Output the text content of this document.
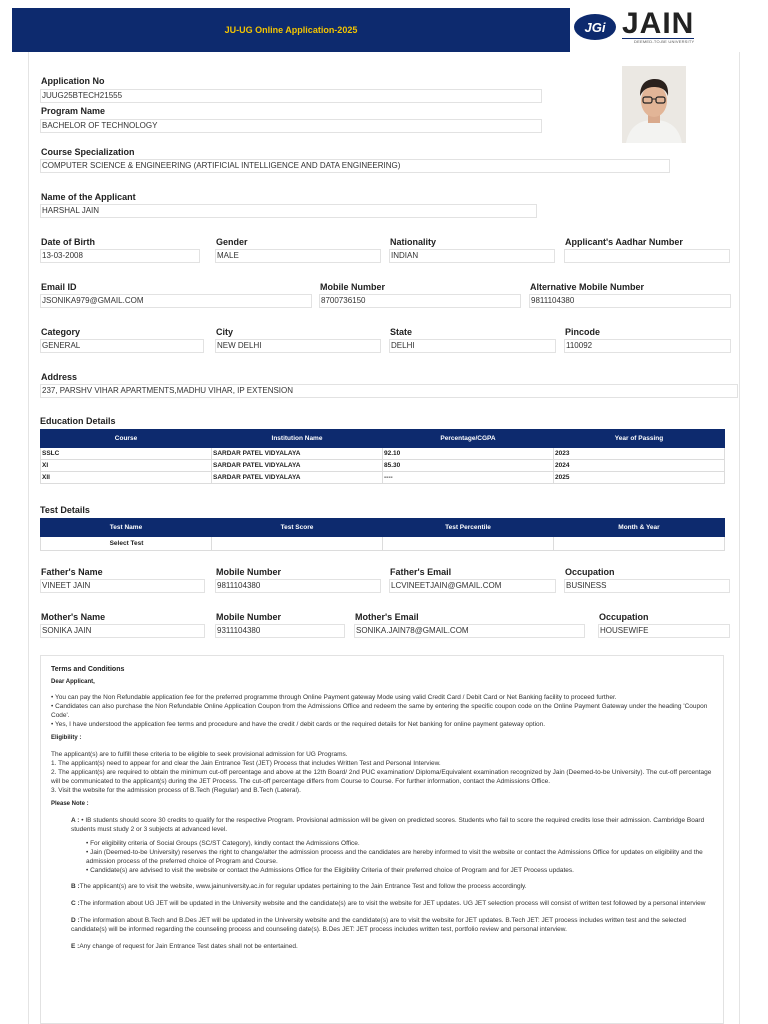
JU-UG Online Application-2025	JGi JAIN
DEEMED-TO-BE UNIVERSITY
Application No
JUUG25BTECH21555
Program Name
BACHELOR OF TECHNOLOGY
Course Specialization
COMPUTER SCIENCE & ENGINEERING (ARTIFICIAL INTELLIGENCE AND DATA ENGINEERING)
Name of the Applicant
HARSHAL JAIN
Date of Birth
13-03-2008
Gender
MALE
Nationality
INDIAN
Applicant's Aadhar Number
Email ID
JSONIKA979@GMAIL.COM
Mobile Number
8700736150
Alternative Mobile Number
9811104380
Category
GENERAL
City
NEW DELHI
State
DELHI
Pincode
110092
Address
237, PARSHV VIHAR APARTMENTS,MADHU VIHAR, IP EXTENSION
Education Details
Course	Institution Name	Percentage/CGPA	Year of Passing
SSLC	SARDAR PATEL VIDYALAYA	92.10	2023
XI	SARDAR PATEL VIDYALAYA	85.30	2024
XII	SARDAR PATEL VIDYALAYA	----	2025
Test Details
Test Name	Test Score	Test Percentile	Month & Year
Select Test			
Father's Name
VINEET JAIN
Mobile Number
9811104380
Father's Email
LCVINEETJAIN@GMAIL.COM
Occupation
BUSINESS
Mother's Name
SONIKA JAIN
Mobile Number
9311104380
Mother's Email
SONIKA.JAIN78@GMAIL.COM
Occupation
HOUSEWIFE
Terms and Conditions
Dear Applicant,

• You can pay the Non Refundable application fee for the preferred programme through Online Payment gateway Mode using valid Credit Card / Debit Card or Net Banking facility to proceed further.

• Candidates can also purchase the Non Refundable Online Application Coupon from the Admissions Office and redeem the same by entering the specific coupon code on the Online Payment Gateway under the heading 'Coupon Code'.

• Yes, I have understood the application fee terms and procedure and have the credit / debit cards or the required details for Net banking for online payment gateway option.

Eligibility :

The applicant(s) are to fulfill these criteria to be eligible to seek provisional admission for UG Programs.

1. The applicant(s) need to appear for and clear the Jain Entrance Test (JET) Process that includes Written Test and Personal Interview.

2. The applicant(s) are required to obtain the minimum cut-off percentage and above at the 12th Board/ 2nd PUC examination/ Diploma/Equivalent examination recognized by Jain (Deemed-to-be University). The cut-off percentage will be communicated to the applicant(s) during the JET Process. The cut-off percentage differs from Course to Course. For further information, contact the Admissions Office.

3. Visit the website for the admission process of B.Tech (Regular) and B.Tech (Lateral).

Please Note :

A : • IB students should score 30 credits to qualify for the respective Program. Provisional admission will be given on predicted scores. Students who fail to score the required credits lose their admission. Cambridge Board students must study 2 or 3 subjects at advanced level.

• For eligibility criteria of Social Groups (SC/ST Category), kindly contact the Admissions Office.

• Jain (Deemed-to-be University) reserves the right to change/alter the admission process and the candidates are hereby informed to visit the website or contact the Admissions Office for updates on eligibility and the admission process of the preferred choice of Program and Course.

• Candidate(s) are advised to visit the website or contact the Admissions Office for the Eligibility Criteria of their preferred choice of Program and for JET Process updates.

B :The applicant(s) are to visit the website, www.jainuniversity.ac.in for regular updates pertaining to the Jain Entrance Test and follow the process accordingly.

C :The information about UG JET will be updated in the University website and the candidate(s) are to visit the website for JET updates. UG JET selection process will consist of written test followed by a personal interview

D :The information about B.Tech and B.Des JET will be updated in the University website and the candidate(s) are to visit the website for JET updates. B.Tech JET: JET process includes written test and the selected candidate(s) will be informed regarding the counseling process and counseling date(s). B.Des JET: JET process includes written test, portfolio review and personal interview.

E :Any change of request for Jain Entrance Test dates shall not be entertained.
